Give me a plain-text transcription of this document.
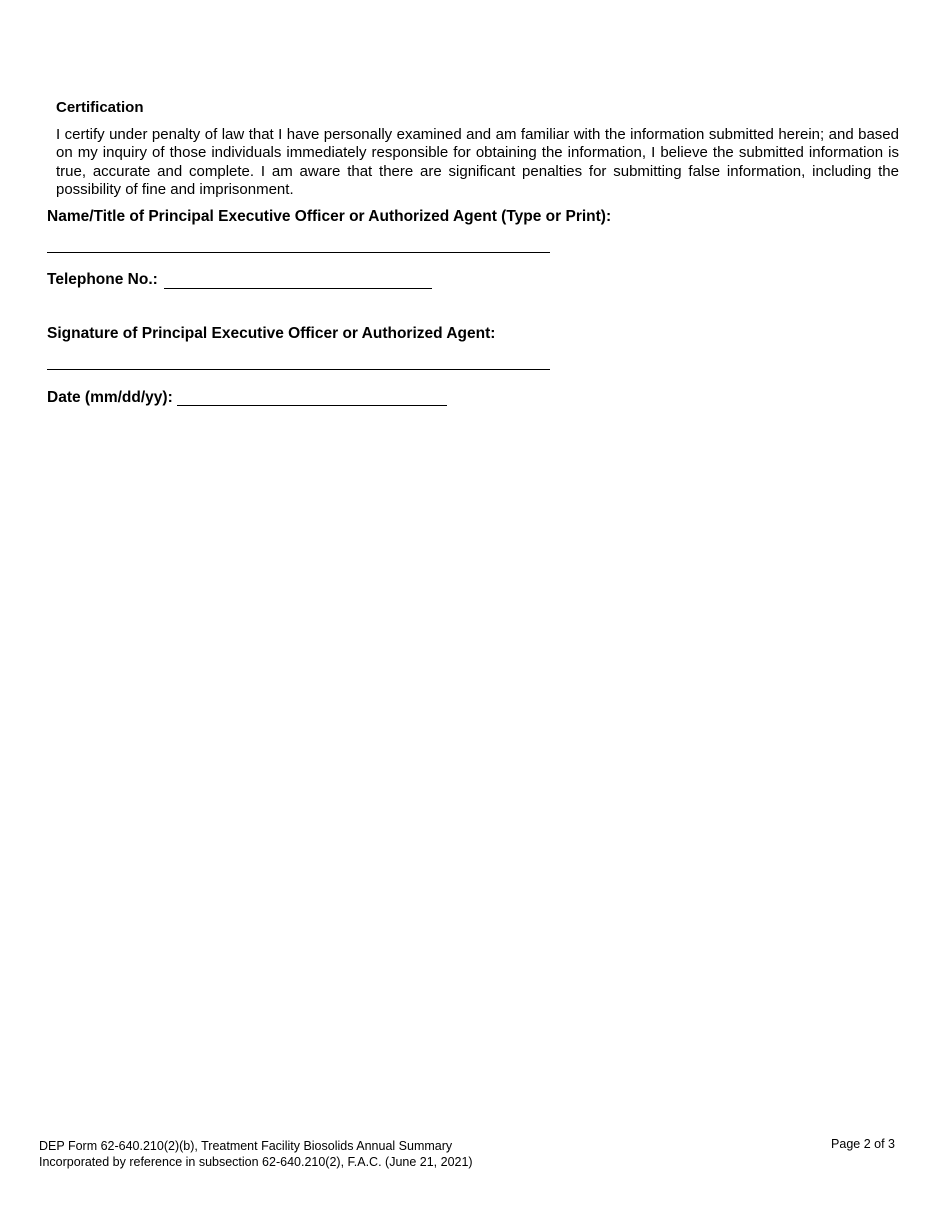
Certification
I certify under penalty of law that I have personally examined and am familiar with the information submitted herein; and based on my inquiry of those individuals immediately responsible for obtaining the information, I believe the submitted information is true, accurate and complete. I am aware that there are significant penalties for submitting false information, including the possibility of fine and imprisonment.
Name/Title of Principal Executive Officer or Authorized Agent (Type or Print):
Telephone No.:
Signature of Principal Executive Officer or Authorized Agent:
Date (mm/dd/yy):
DEP Form 62-640.210(2)(b), Treatment Facility Biosolids Annual Summary
Incorporated by reference in subsection 62-640.210(2), F.A.C. (June 21, 2021)
Page 2 of 3
